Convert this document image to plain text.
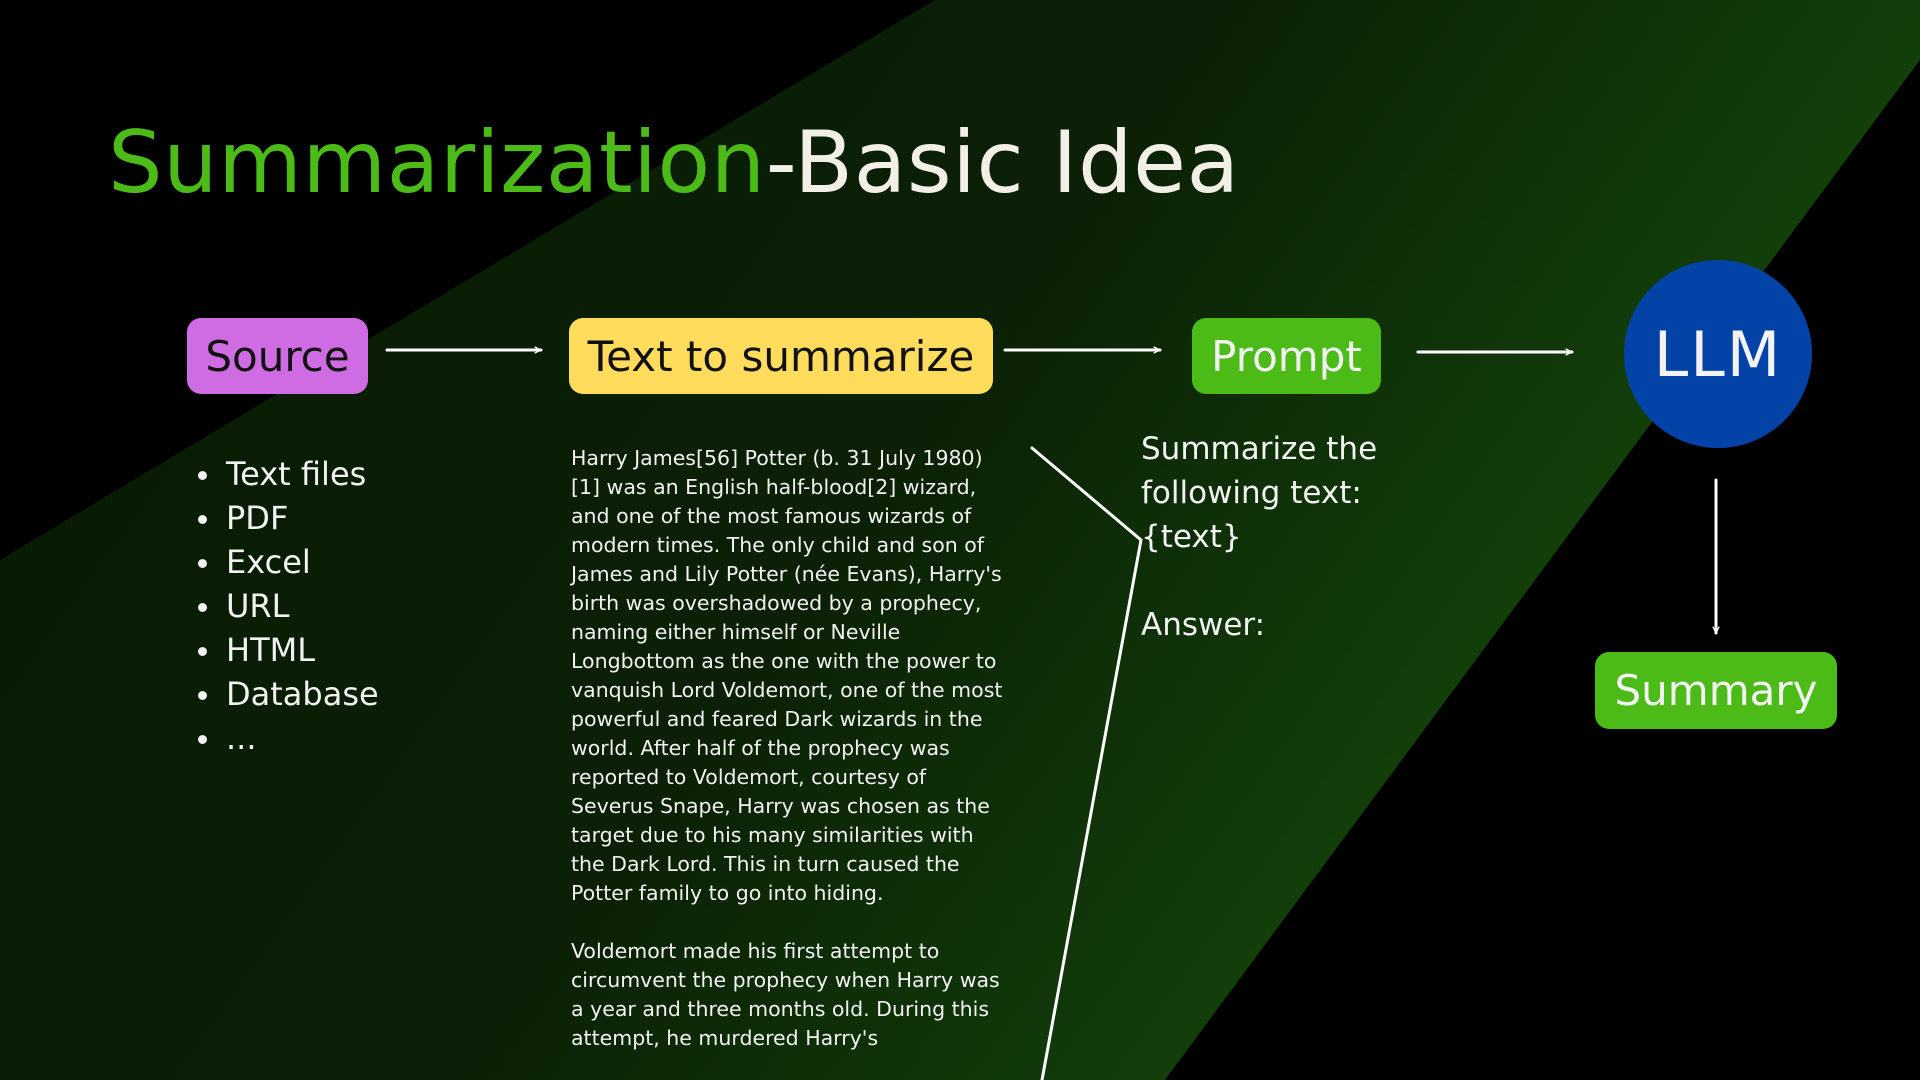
Summarization-Basic Idea
Source	Text to summarize	Prompt	LLM
Summary
Text files
PDF
Excel
URL
HTML
Database
...

Harry James[56] Potter (b. 31 July 1980) [1] was an English half-blood[2] wizard, and one of the most famous wizards of modern times. The only child and son of James and Lily Potter (née Evans), Harry's birth was overshadowed by a prophecy, naming either himself or Neville Longbottom as the one with the power to vanquish Lord Voldemort, one of the most powerful and feared Dark wizards in the world. After half of the prophecy was reported to Voldemort, courtesy of Severus Snape, Harry was chosen as the target due to his many similarities with the Dark Lord. This in turn caused the Potter family to go into hiding.

Voldemort made his first attempt to circumvent the prophecy when Harry was a year and three months old. During this attempt, he murdered Harry's

Summarize the

following text:

{text}

Answer:
